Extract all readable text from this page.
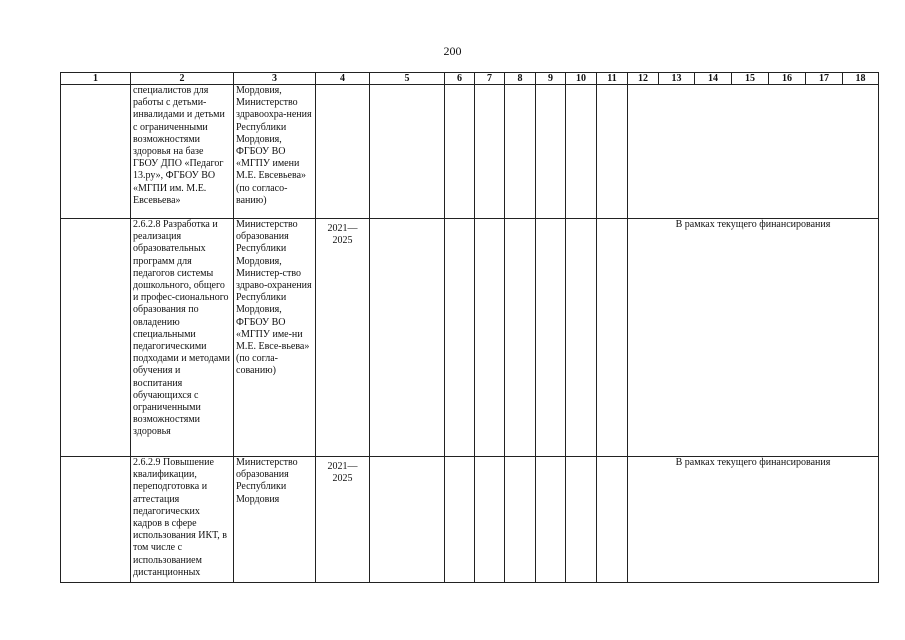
200
1	2	3	4	5	6	7	8	9	10	11	12	13	14	15	16	17	18
	специалистов для работы с детьми-инвалидами и детьми с ограниченными возможностями здоровья на базе ГБОУ ДПО «Педагог 13.ру», ФГБОУ ВО «МГПИ им. М.Е. Евсевьева»	Мордовия, Министерство здравоохра-нения Республики Мордовия, ФГБОУ ВО «МГПУ имени М.Е. Евсевьева» (по согласо-ванию)															
	2.6.2.8 Разработка и реализация образовательных программ для педагогов системы дошкольного, общего и профес-сионального образования по овладению специальными педагогическими подходами и методами обучения и воспитания обучающихся с ограниченными возможностями здоровья	Министерство образования Республики Мордовия, Министер-ство здраво-охранения Республики Мордовия, ФГБОУ ВО «МГПУ име-ни М.Е. Евсе-вьева» (по согла-сованию)	2021— 2025								В рамках текущего финансирования						
	2.6.2.9 Повышение квалификации, переподготовка и аттестация педагогических кадров в сфере использования ИКТ, в том числе с использованием дистанционных	Министерство образования Республики Мордовия	2021— 2025								В рамках текущего финансирования						
